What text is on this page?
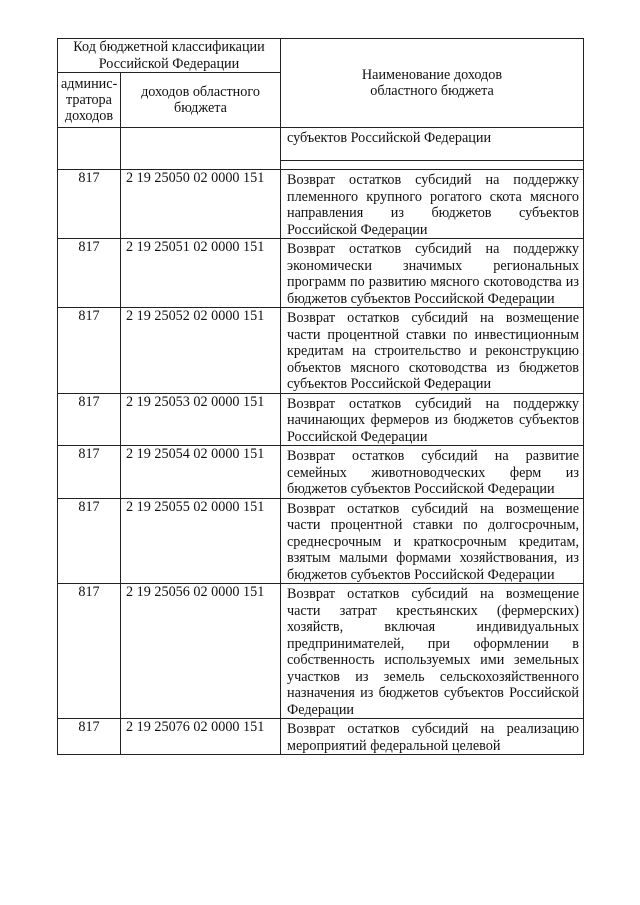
Код бюджетной классификации Российской Федерации		Наименование доходов областного бюджета

админис-тратора доходов	доходов областного бюджета	

		субъектов Российской Федерации

817	2 19 25050 02 0000 151	Возврат остатков субсидий на поддержку племенного крупного рогатого скота мясного направления из бюджетов субъектов Российской Федерации
817	2 19 25051 02 0000 151	Возврат остатков субсидий на поддержку экономически значимых региональных программ по развитию мясного скотоводства из бюджетов субъектов Российской Федерации
817	2 19 25052 02 0000 151	Возврат остатков субсидий на возмещение части процентной ставки по инвестиционным кредитам на строительство и реконструкцию объектов мясного скотоводства из бюджетов субъектов Российской Федерации
817	2 19 25053 02 0000 151	Возврат остатков субсидий на поддержку начинающих фермеров из бюджетов субъектов Российской Федерации
817	2 19 25054 02 0000 151	Возврат остатков субсидий на развитие семейных животноводческих ферм из бюджетов субъектов Российской Федерации
817	2 19 25055 02 0000 151	Возврат остатков субсидий на возмещение части процентной ставки по долгосрочным, среднесрочным и краткосрочным кредитам, взятым малыми формами хозяйствования, из бюджетов субъектов Российской Федерации
817	2 19 25056 02 0000 151	Возврат остатков субсидий на возмещение части затрат крестьянских (фермерских) хозяйств, включая индивидуальных предпринимателей, при оформлении в собственность используемых ими земельных участков из земель сельскохозяйственного назначения из бюджетов субъектов Российской Федерации
817	2 19 25076 02 0000 151	Возврат остатков субсидий на реализацию мероприятий федеральной целевой
